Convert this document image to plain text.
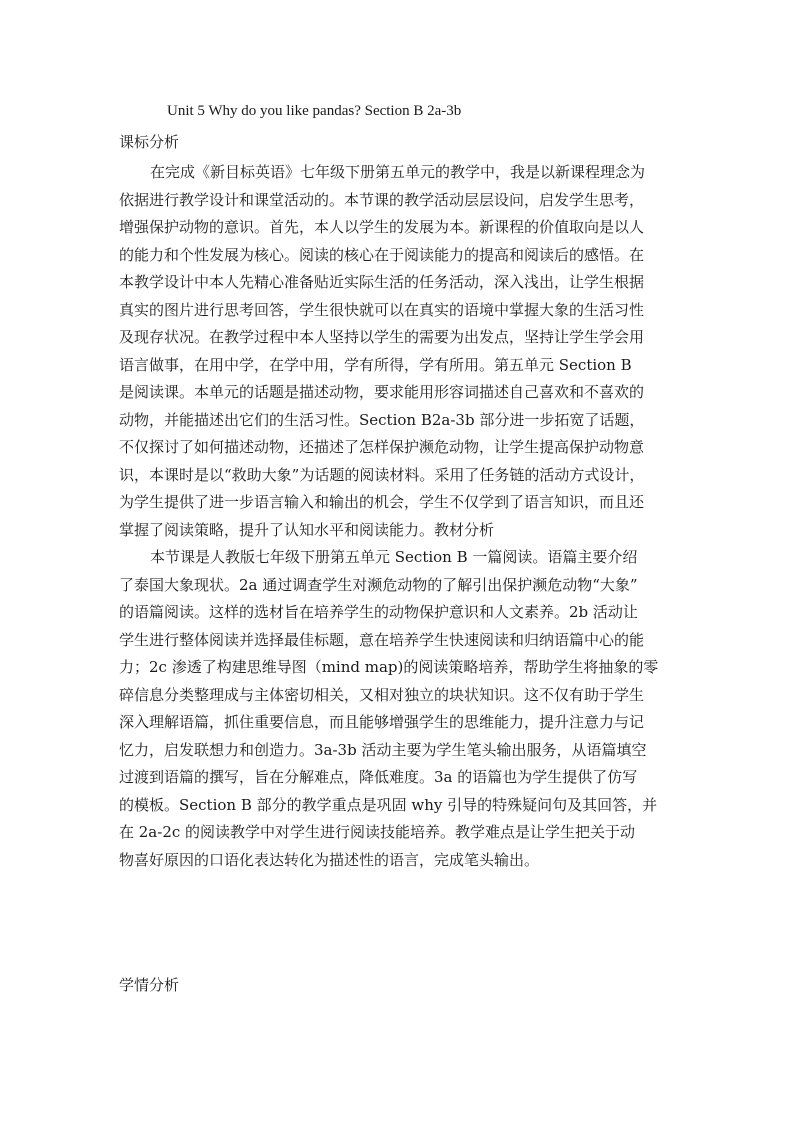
Unit 5 Why do you like pandas? Section B 2a-3b
课标分析
在完成《新目标英语》七年级下册第五单元的教学中，我是以新课程理念为
依据进行教学设计和课堂活动的。本节课的教学活动层层设问，启发学生思考，
增强保护动物的意识。首先，本人以学生的发展为本。新课程的价值取向是以人
的能力和个性发展为核心。阅读的核心在于阅读能力的提高和阅读后的感悟。在
本教学设计中本人先精心准备贴近实际生活的任务活动，深入浅出，让学生根据
真实的图片进行思考回答，学生很快就可以在真实的语境中掌握大象的生活习性
及现存状况。在教学过程中本人坚持以学生的需要为出发点，坚持让学生学会用
语言做事，在用中学，在学中用，学有所得，学有所用。第五单元 Section B
是阅读课。本单元的话题是描述动物，要求能用形容词描述自己喜欢和不喜欢的
动物，并能描述出它们的生活习性。Section B2a-3b 部分进一步拓宽了话题，
不仅探讨了如何描述动物，还描述了怎样保护濒危动物，让学生提高保护动物意
识，本课时是以“救助大象”为话题的阅读材料。采用了任务链的活动方式设计，
为学生提供了进一步语言输入和输出的机会，学生不仅学到了语言知识，而且还
掌握了阅读策略，提升了认知水平和阅读能力。教材分析
本节课是人教版七年级下册第五单元 Section B 一篇阅读。语篇主要介绍
了泰国大象现状。2a 通过调查学生对濒危动物的了解引出保护濒危动物“大象”
的语篇阅读。这样的选材旨在培养学生的动物保护意识和人文素养。2b 活动让
学生进行整体阅读并选择最佳标题，意在培养学生快速阅读和归纳语篇中心的能
力；2c 渗透了构建思维导图（mind map)的阅读策略培养，帮助学生将抽象的零
碎信息分类整理成与主体密切相关，又相对独立的块状知识。这不仅有助于学生
深入理解语篇，抓住重要信息，而且能够增强学生的思维能力，提升注意力与记
忆力，启发联想力和创造力。3a-3b 活动主要为学生笔头输出服务，从语篇填空
过渡到语篇的撰写，旨在分解难点，降低难度。3a 的语篇也为学生提供了仿写
的模板。Section B 部分的教学重点是巩固 why 引导的特殊疑问句及其回答，并
在 2a-2c 的阅读教学中对学生进行阅读技能培养。教学难点是让学生把关于动
物喜好原因的口语化表达转化为描述性的语言，完成笔头输出。
学情分析
